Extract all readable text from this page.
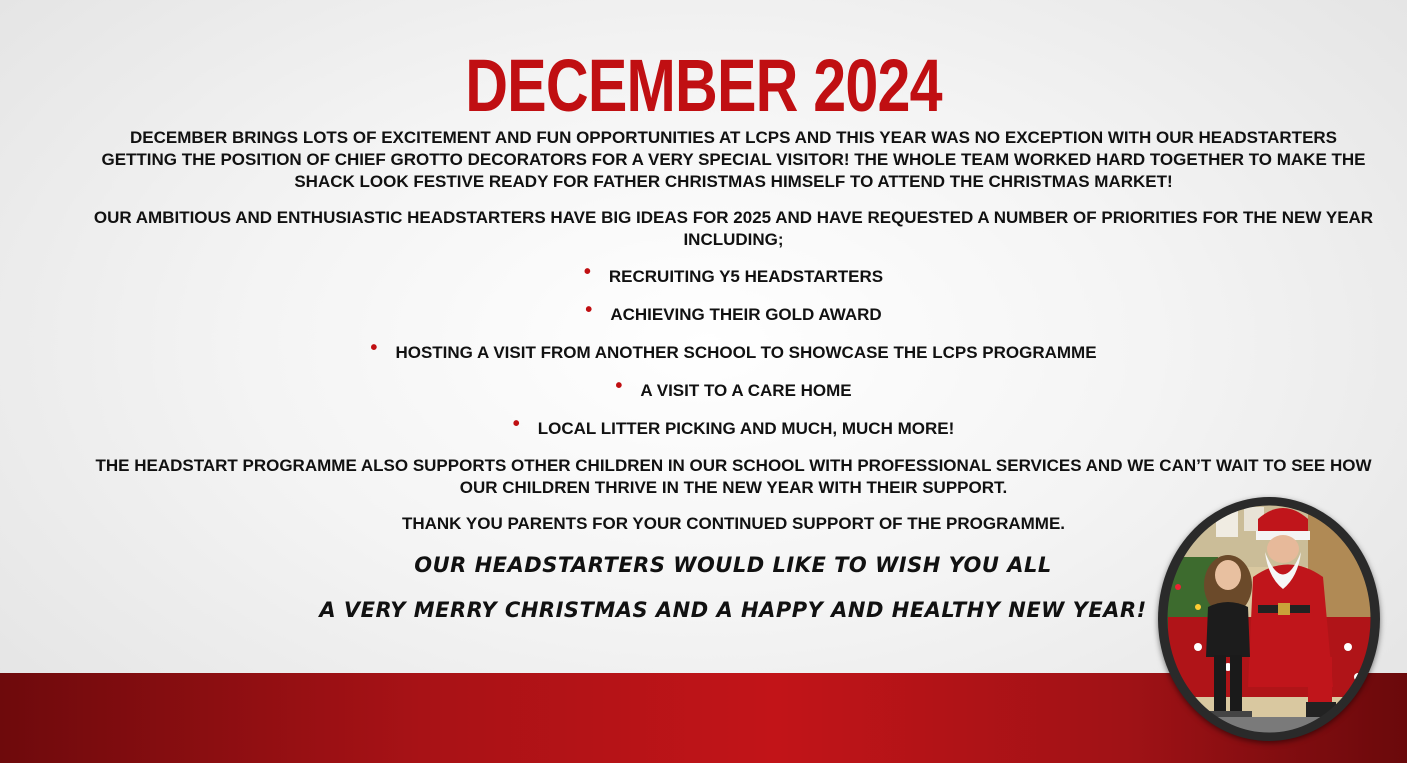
DECEMBER 2024

DECEMBER BRINGS LOTS OF EXCITEMENT AND FUN OPPORTUNITIES AT LCPS AND THIS YEAR WAS NO EXCEPTION WITH OUR HEADSTARTERS GETTING THE POSITION OF CHIEF GROTTO DECORATORS FOR A VERY SPECIAL VISITOR! THE WHOLE TEAM WORKED HARD TOGETHER TO MAKE THE SHACK LOOK FESTIVE READY FOR FATHER CHRISTMAS HIMSELF TO ATTEND THE CHRISTMAS MARKET!

OUR AMBITIOUS AND ENTHUSIASTIC HEADSTARTERS HAVE BIG IDEAS FOR 2025 AND HAVE REQUESTED A NUMBER OF PRIORITIES FOR THE NEW YEAR INCLUDING;

• RECRUITING Y5 HEADSTARTERS
• ACHIEVING THEIR GOLD AWARD
• HOSTING A VISIT FROM ANOTHER SCHOOL TO SHOWCASE THE LCPS PROGRAMME
• A VISIT TO A CARE HOME
• LOCAL LITTER PICKING AND MUCH, MUCH MORE!

THE HEADSTART PROGRAMME ALSO SUPPORTS OTHER CHILDREN IN OUR SCHOOL WITH PROFESSIONAL SERVICES AND WE CAN’T WAIT TO SEE HOW OUR CHILDREN THRIVE IN THE NEW YEAR WITH THEIR SUPPORT.

THANK YOU PARENTS FOR YOUR CONTINUED SUPPORT OF THE PROGRAMME.

OUR HEADSTARTERS WOULD LIKE TO WISH YOU ALL

A VERY MERRY CHRISTMAS AND A HAPPY AND HEALTHY NEW YEAR!
